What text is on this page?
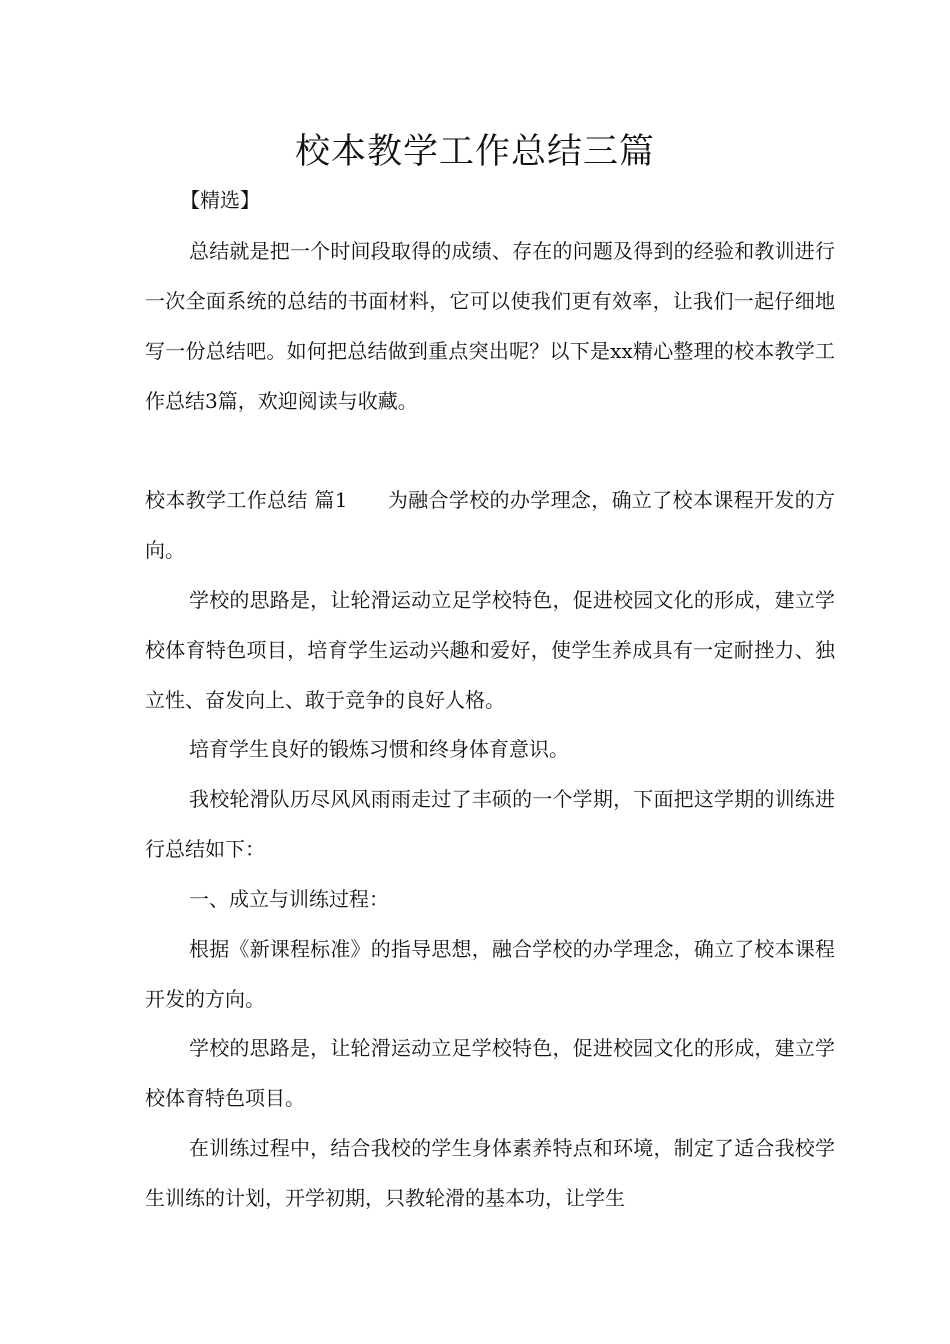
校本教学工作总结三篇

【精选】

总结就是把一个时间段取得的成绩、存在的问题及得到的经验和教训进行一次全面系统的总结的书面材料，它可以使我们更有效率，让我们一起仔细地写一份总结吧。如何把总结做到重点突出呢？以下是xx精心整理的校本教学工作总结3篇，欢迎阅读与收藏。

校本教学工作总结 篇1 为融合学校的办学理念，确立了校本课程开发的方向。

学校的思路是，让轮滑运动立足学校特色，促进校园文化的形成，建立学校体育特色项目，培育学生运动兴趣和爱好，使学生养成具有一定耐挫力、独立性、奋发向上、敢于竞争的良好人格。

培育学生良好的锻炼习惯和终身体育意识。

我校轮滑队历尽风风雨雨走过了丰硕的一个学期，下面把这学期的训练进行总结如下：

一、成立与训练过程：

根据《新课程标准》的指导思想，融合学校的办学理念，确立了校本课程开发的方向。

学校的思路是，让轮滑运动立足学校特色，促进校园文化的形成，建立学校体育特色项目。

在训练过程中，结合我校的学生身体素养特点和环境，制定了适合我校学生训练的计划，开学初期，只教轮滑的基本功，让学生
